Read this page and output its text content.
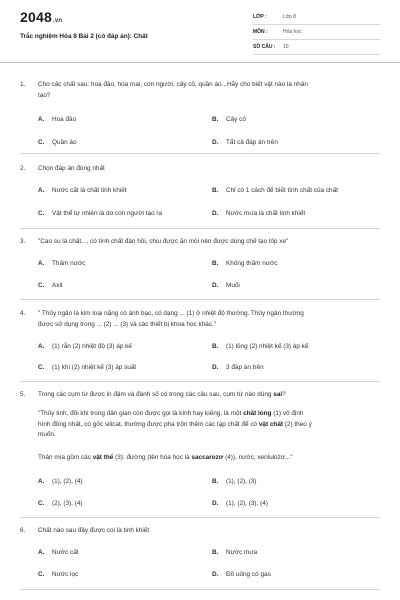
2048.vn
Trắc nghiệm Hóa 8 Bài 2 (có đáp án): Chất
LỚP :	Lớp 8
MÔN :	Hóa học
SỐ CÂU :	10
1. Cho các chất sau: hoa đào, hoa mai, con người, cây cỏ, quần áo...Hãy cho biết vật nào là nhân
tạo?
A. Hoa đào	B. Cây cỏ
C. Quần áo	D. Tất cả đáp án trên
2. Chọn đáp án đúng nhất
A. Nước cất là chất tinh khiết	B. Chỉ có 1 cách để biết tính chất của chất
C. Vật thể tự nhiên là do con người tạo ra	D. Nước mưa là chất tinh khiết
3. "Cao su là chất..., có tính chất đàn hồi, chịu được ăn mòi nên được dùng chế tạo lốp xe"
A. Thấm nước	B. Không thấm nước
C. Axit	D. Muối
4. " Thủy ngân là kim loại nặng có ánh bạc, có dạng ... (1) ở nhiệt độ thường. Thủy ngân thường
được sử dụng trong ... (2) ... (3) và các thiết bị khoa học khác."
A. (1) rắn (2) nhiệt độ (3) áp kế	B. (1) lỏng (2) nhiệt kế (3) áp kế
C. (1) khí (2) nhiệt kế (3) áp suất	D. 3 đáp án trên
5. Trong các cụm từ được in đậm và đánh số có trong các câu sau, cụm từ nào dùng sai?
"Thủy tinh, đôi khi trong dân gian còn được gọi là kính hay kiếng, là một chất lỏng (1) vô định
hình đồng nhất, có gốc silicat, thường được pha trộn thêm các tạp chất để có vật chất (2) theo ý
muốn.
Thân mía gồm các vật thể (3): đường (tên hóa học là saccarozơ (4)), nước, xenlulozơ..."
A. (1), (2), (4)	B. (1), (2), (3)
C. (2), (3), (4)	D. (1), (2), (3), (4)
6. Chất nào sau đây được coi là tinh khiết
A. Nước cất	B. Nước mưa
C. Nước lọc	D. Đồ uống có gas
